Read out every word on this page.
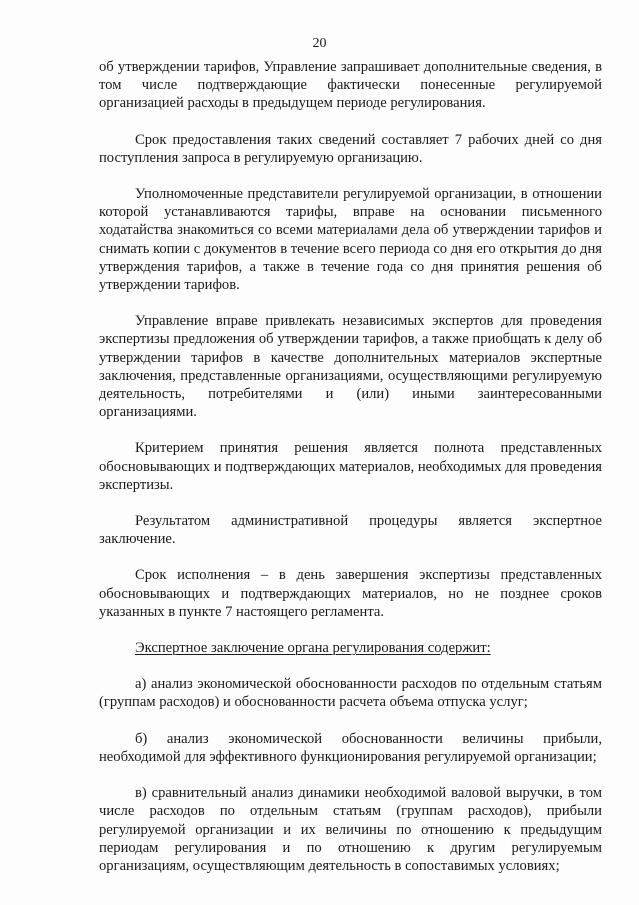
20

об утверждении тарифов, Управление запрашивает дополнительные сведения, в том числе подтверждающие фактически понесенные регулируемой организацией расходы в предыдущем периоде регулирования.

Срок предоставления таких сведений составляет 7 рабочих дней со дня поступления запроса в регулируемую организацию.

Уполномоченные представители регулируемой организации, в отношении которой устанавливаются тарифы, вправе на основании письменного ходатайства знакомиться со всеми материалами дела об утверждении тарифов и снимать копии с документов в течение всего периода со дня его открытия до дня утверждения тарифов, а также в течение года со дня принятия решения об утверждении тарифов.

Управление вправе привлекать независимых экспертов для проведения экспертизы предложения об утверждении тарифов, а также приобщать к делу об утверждении тарифов в качестве дополнительных материалов экспертные заключения, представленные организациями, осуществляющими регулируемую деятельность, потребителями и (или) иными заинтересованными организациями.

Критерием принятия решения является полнота представленных обосновывающих и подтверждающих материалов, необходимых для проведения экспертизы.

Результатом административной процедуры является экспертное заключение.

Срок исполнения – в день завершения экспертизы представленных обосновывающих и подтверждающих материалов, но не позднее сроков указанных в пункте 7 настоящего регламента.

Экспертное заключение органа регулирования содержит:

а) анализ экономической обоснованности расходов по отдельным статьям (группам расходов) и обоснованности расчета объема отпуска услуг;

б) анализ экономической обоснованности величины прибыли, необходимой для эффективного функционирования регулируемой организации;

в) сравнительный анализ динамики необходимой валовой выручки, в том числе расходов по отдельным статьям (группам расходов), прибыли регулируемой организации и их величины по отношению к предыдущим периодам регулирования и по отношению к другим регулируемым организациям, осуществляющим деятельность в сопоставимых условиях;
